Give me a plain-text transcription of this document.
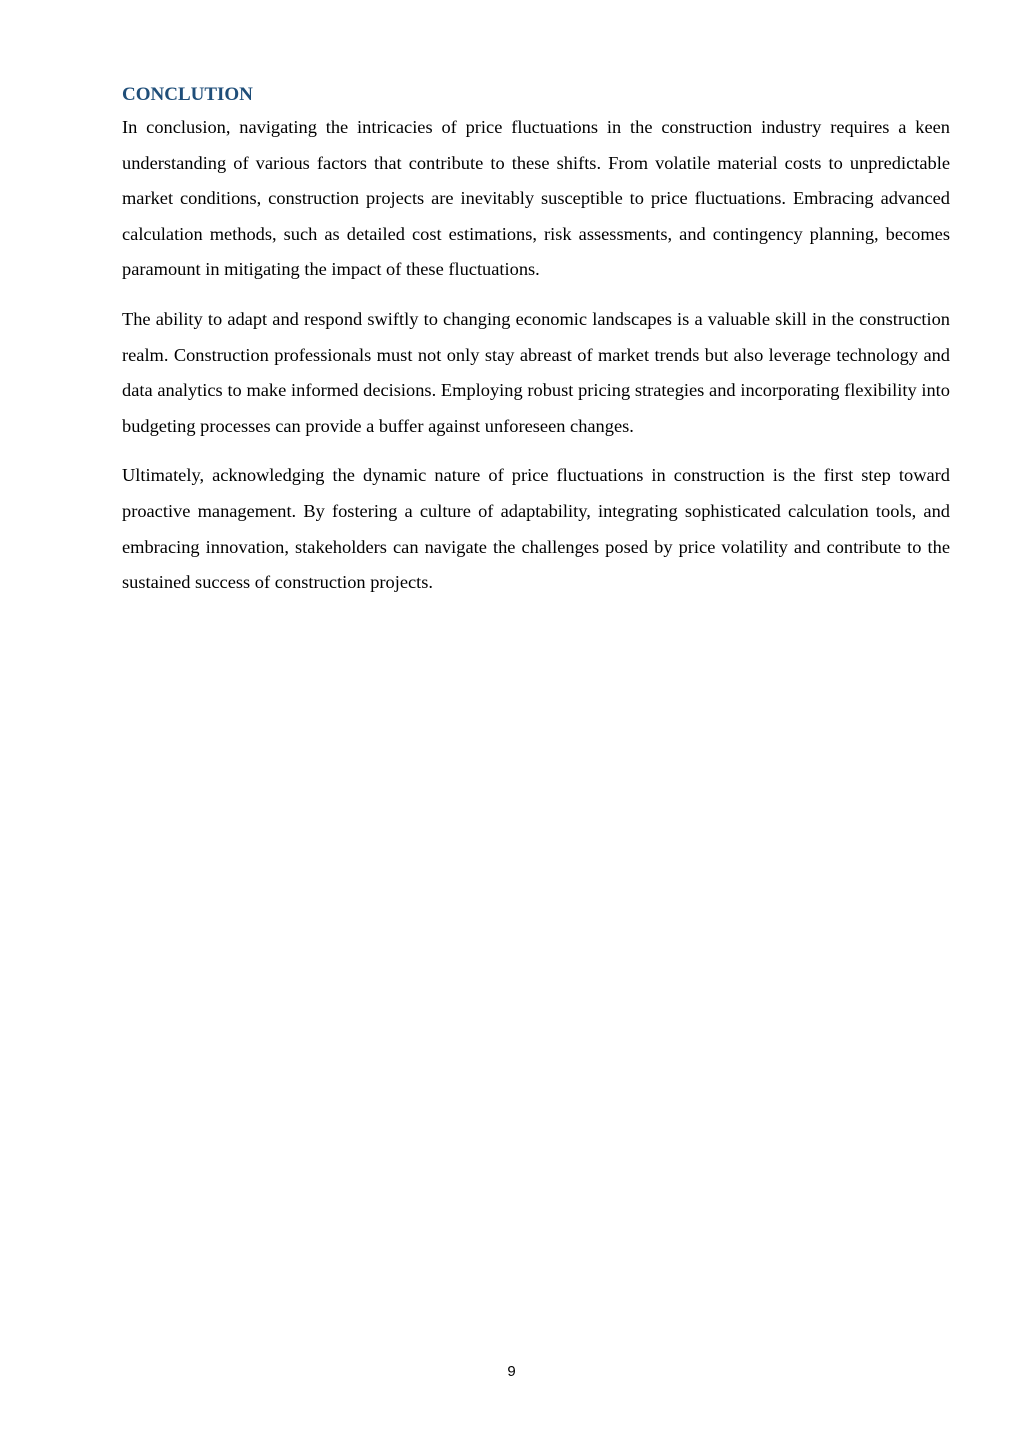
CONCLUTION

In conclusion, navigating the intricacies of price fluctuations in the construction industry requires a keen understanding of various factors that contribute to these shifts. From volatile material costs to unpredictable market conditions, construction projects are inevitably susceptible to price fluctuations. Embracing advanced calculation methods, such as detailed cost estimations, risk assessments, and contingency planning, becomes paramount in mitigating the impact of these fluctuations.

The ability to adapt and respond swiftly to changing economic landscapes is a valuable skill in the construction realm. Construction professionals must not only stay abreast of market trends but also leverage technology and data analytics to make informed decisions. Employing robust pricing strategies and incorporating flexibility into budgeting processes can provide a buffer against unforeseen changes.

Ultimately, acknowledging the dynamic nature of price fluctuations in construction is the first step toward proactive management. By fostering a culture of adaptability, integrating sophisticated calculation tools, and embracing innovation, stakeholders can navigate the challenges posed by price volatility and contribute to the sustained success of construction projects.

9
